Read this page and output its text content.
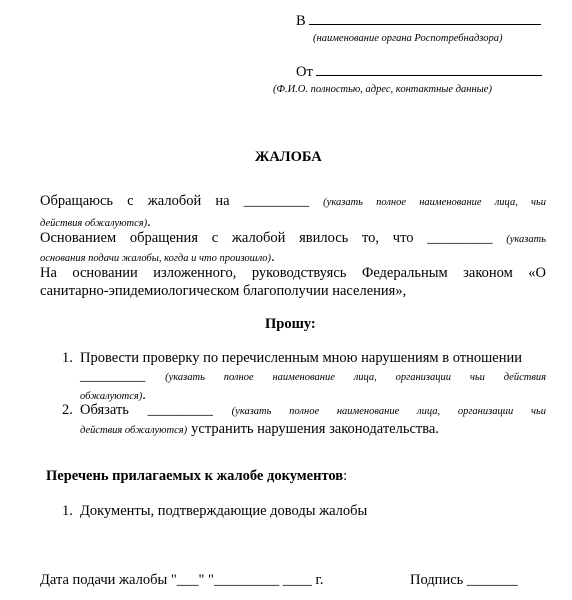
В
(наименование органа Роспотребнадзора)
От
(Ф.И.О. полностью, адрес, контактные данные)
ЖАЛОБА
Обращаюсь с жалобой на _________ (указать полное наименование лица, чьи
действия обжалуются).
Основанием обращения с жалобой явилось то, что _________ (указать
основания подачи жалобы, когда и что произошло).
На основании изложенного, руководствуясь Федеральным законом «О
санитарно-эпидемиологическом благополучии населения»,
Прошу:
1. Провести проверку по перечисленным мною нарушениям в отношении
_________ (указать полное наименование лица, организации чьи действия
обжалуются).
2. Обязать _________ (указать полное наименование лица, организации чьи
действия обжалуются) устранить нарушения законодательства.
Перечень прилагаемых к жалобе документов:
1. Документы, подтверждающие доводы жалобы
Дата подачи жалобы "___" "_________ ____ г.	Подпись _______
